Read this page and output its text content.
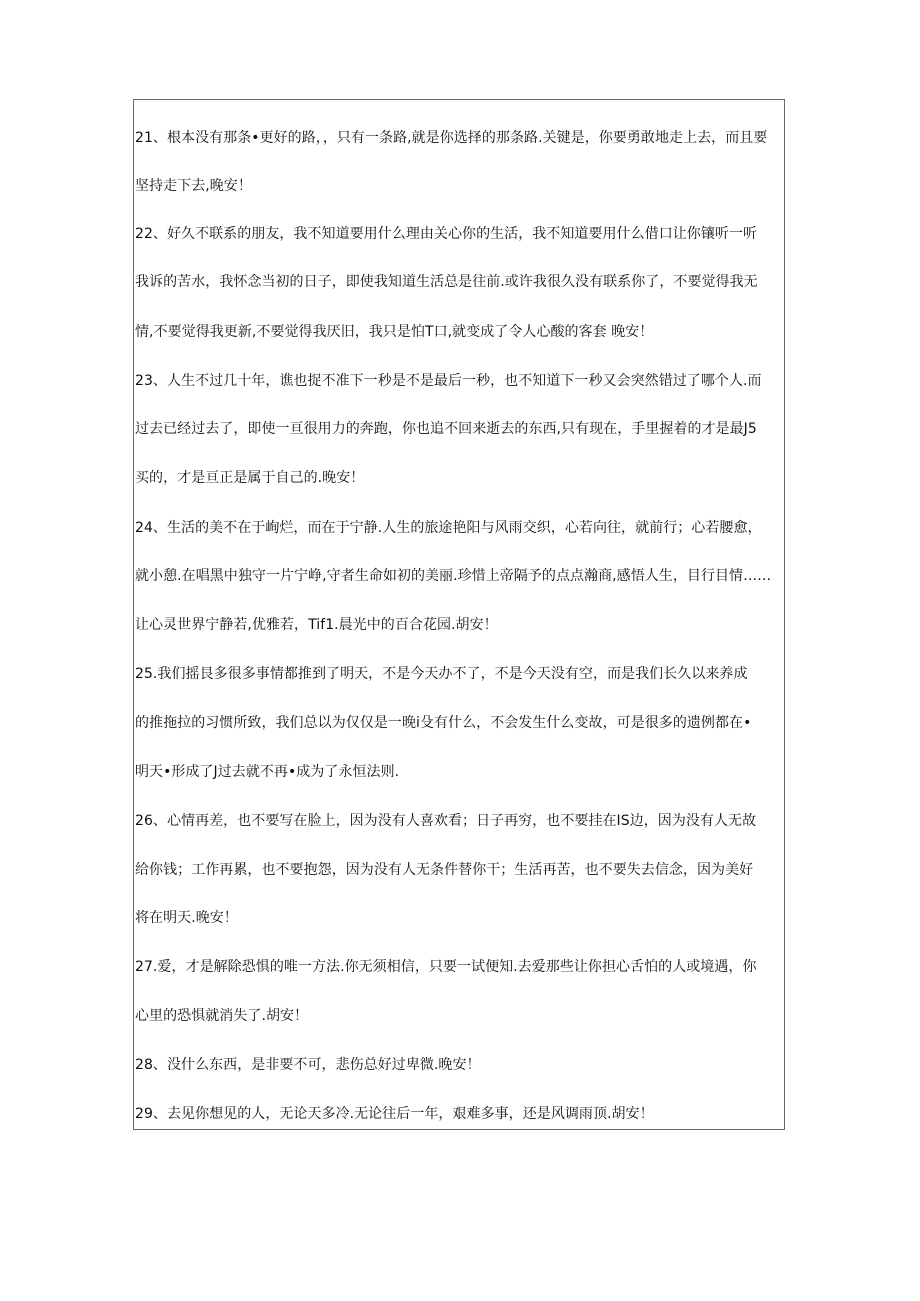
21、根本没有那条•更好的路，，只有一条路,就是你选择的那条路.关键是，你要勇敢地走上去，而且要
坚持走下去,晚安！
22、好久不联系的朋友，我不知道要用什么理由关心你的生活，我不知道要用什么借口让你镶听一听
我诉的苦水，我怀念当初的日子，即使我知道生活总是往前.或许我很久没有联系你了，不要觉得我无
情,不要觉得我更新,不要觉得我厌旧，我只是怕T口,就变成了令人心酸的客套 晚安！
23、人生不过几十年，谯也捉不准下一秒是不是最后一秒，也不知道下一秒又会突然错过了哪个人.而
过去已经过去了，即使一亘很用力的奔跑，你也追不回来逝去的东西,只有现在，手里握着的才是最J5
买的，才是亘正是属于自己的.晚安！
24、生活的美不在于峋烂，而在于宁静.人生的旅途艳阳与风雨交织，心若向往，就前行；心若腰愈，
就小憩.在唱黑中独守一片宁峥,守者生命如初的美丽.珍惜上帝隔予的点点瀚商,感悟人生，目行目情……
让心灵世界宁静若,优雅若，Tif1.晨光中的百合花园.胡安！
25.我们摇艮多很多事情都推到了明天，不是今天办不了，不是今天没有空，而是我们长久以来养成
的推拖拉的习惯所致，我们总以为仅仅是一晚i殳有什么，不会发生什么变故，可是很多的遗例都在•
明天•形成了J过去就不再•成为了永恒法则.
26、心情再差，也不要写在脸上，因为没有人喜欢看；日子再穷，也不要挂在IS边，因为没有人无故
给你钱；工作再累，也不要抱怨，因为没有人无条件替你干；生活再苦，也不要失去信念，因为美好
将在明天.晚安！
27.爱，才是解除恐惧的唯一方法.你无须相信，只要一试便知.去爱那些让你担心舌怕的人或境遇，你
心里的恐惧就消失了.胡安！
28、没什么东西，是非要不可，悲伤总好过卑微.晚安！
29、去见你想见的人，无论天多冷.无论往后一年，艰难多事，还是风调雨顶.胡安！
